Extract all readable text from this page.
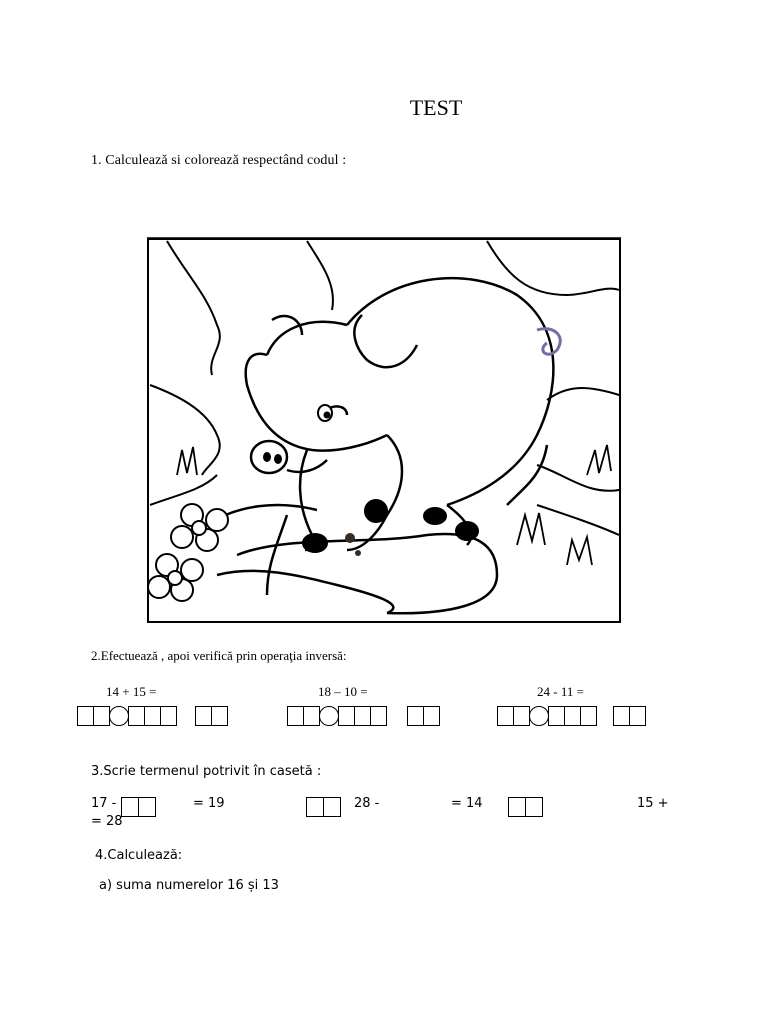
TEST
1. Calculează si colorează respectând codul :
2.Efectuează , apoi verifică prin operaţia inversă:
14 + 15 =	18 – 10 =	24 - 11 =
3.Scrie termenul potrivit în casetă :
17 -	= 19	28 -	= 14	15 +
= 28
4.Calculează:
a) suma numerelor 16 și 13
